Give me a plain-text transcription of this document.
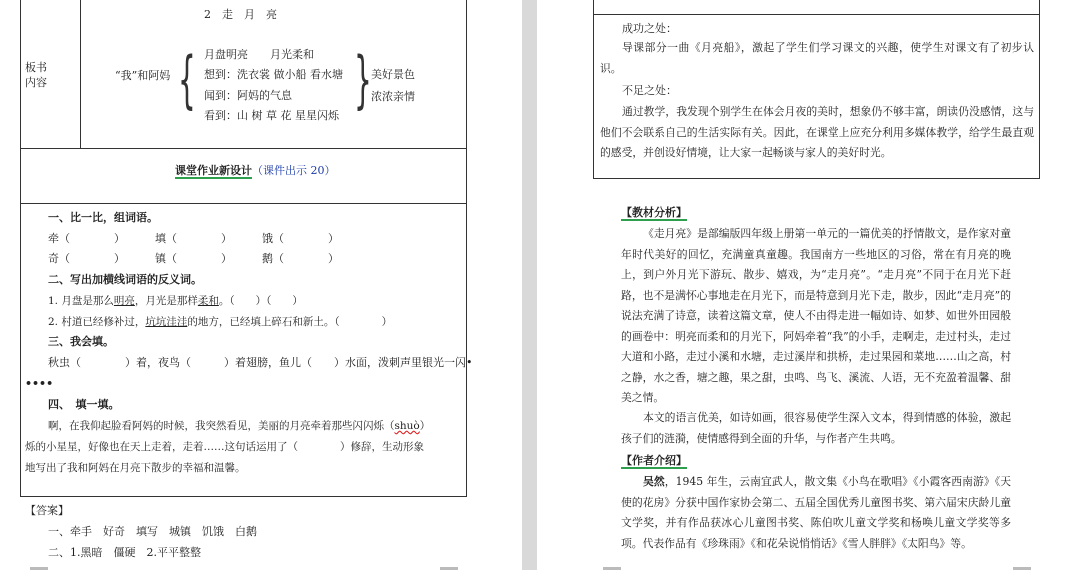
2　走　月　亮
板书
内容
“我”和阿妈 { 月盘明亮　　月光柔和
想到：洗衣裳 做小船 看水塘
闻到：阿妈的气息
看到：山 树 草 花 星星闪烁 } 美好景色
浓浓亲情
课堂作业新设计（课件出示 20）
一、比一比，组词语。
牵（　　　　）	填（　　　　）	饿（　　　　）
奇（　　　　）	镇（　　　　）	鹅（　　　　）
二、写出加横线词语的反义词。
1. 月盘是那么明亮，月光是那样柔和。（　　）（　　）
2. 村道已经修补过，坑坑洼洼的地方，已经填上碎石和新土。（　　　　）
三、我会填。
秋虫（　　　　）着，夜鸟（　　　）着翅膀，鱼儿（　　）水面，泼刺声里银光一闪•
••••
四、　填一填。
啊，在我仰起脸看阿妈的时候，我突然看见，美丽的月亮牵着那些闪闪烁（shuò）
烁的小星星，好像也在天上走着，走着……这句话运用了（　　　　）修辞，生动形象
地写出了我和阿妈在月亮下散步的幸福和温馨。
【答案】
一、牵手　好奇　填写　城镇　饥饿　白鹅
二、1.黑暗　僵硬　2.平平整整
成功之处：
导课部分一曲《月亮船》，激起了学生们学习课文的兴趣，使学生对课文有了初步认识。
不足之处：
通过教学，我发现个别学生在体会月夜的美时，想象仍不够丰富，朗读仍没感情，这与他们不会联系自己的生活实际有关。因此，在课堂上应充分利用多媒体教学，给学生最直观的感受，并创设好情境，让大家一起畅谈与家人的美好时光。
【教材分析】
《走月亮》是部编版四年级上册第一单元的一篇优美的抒情散文，是作家对童年时代美好的回忆，充满童真童趣。我国南方一些地区的习俗，常在有月亮的晚上，到户外月光下游玩、散步、嬉戏，为“走月亮”。“走月亮”不同于在月光下赶路，也不是满怀心事地走在月光下，而是特意到月光下走，散步，因此“走月亮”的说法充满了诗意，读着这篇文章，使人不由得走进一幅如诗、如梦、如世外田园般的画卷中：明亮而柔和的月光下，阿妈牵着“我”的小手，走啊走，走过村头，走过大道和小路，走过小溪和水塘，走过溪岸和拱桥，走过果园和菜地……山之高，村之静，水之香，塘之趣，果之甜，虫鸣、鸟飞、溪流、人语，无不充盈着温馨、甜美之情。
本文的语言优美，如诗如画，很容易使学生深入文本，得到情感的体验，激起孩子们的涟漪，使情感得到全面的升华，与作者产生共鸣。
【作者介绍】
吴然，1945 年生，云南宜武人，散文集《小鸟在歌唱》《小霞客西南游》《天使的花房》分获中国作家协会第二、五届全国优秀儿童图书奖、第六届宋庆龄儿童文学奖，并有作品获冰心儿童图书奖、陈伯吹儿童文学奖和杨唤儿童文学奖等多项。代表作品有《珍珠雨》《和花朵说悄悄话》《雪人胖胖》《太阳鸟》等。
